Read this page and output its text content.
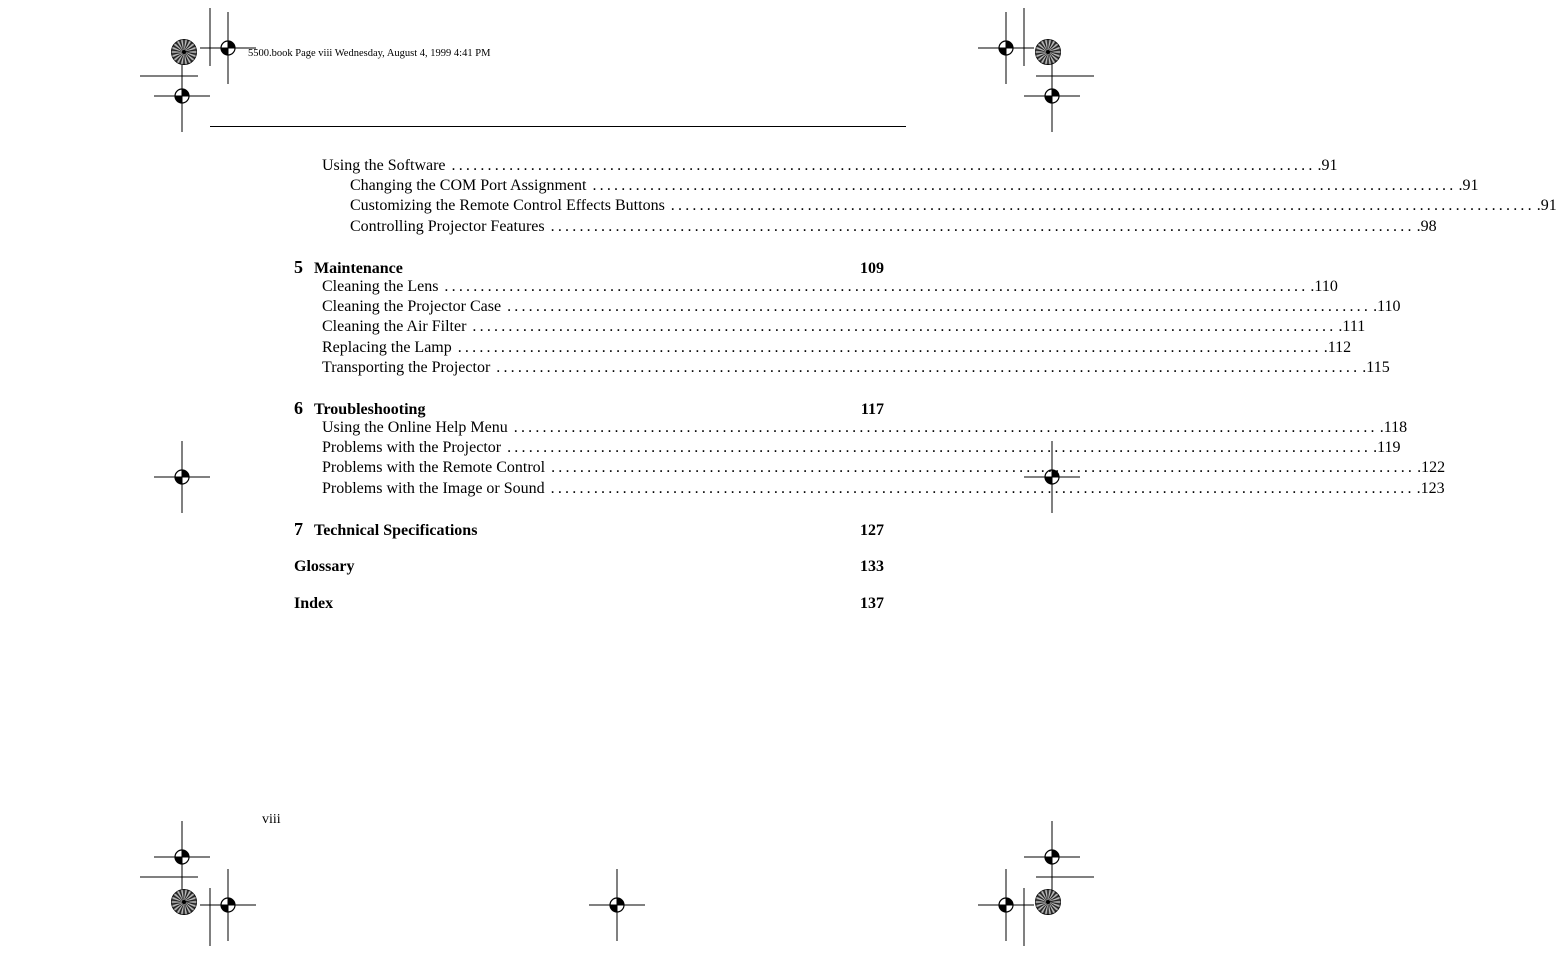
5500.book Page viii Wednesday, August 4, 1999 4:41 PM
Using the Software ........................................................................................................................ .91
Changing the COM Port Assignment ........................................................................................................................ .91
Customizing the Remote Control Effects Buttons ........................................................................................................................ .91
Controlling Projector Features ........................................................................................................................ .98
5 Maintenance	109
Cleaning the Lens ........................................................................................................................ .110
Cleaning the Projector Case ........................................................................................................................ .110
Cleaning the Air Filter ........................................................................................................................ .111
Replacing the Lamp ........................................................................................................................ .112
Transporting the Projector ........................................................................................................................ .115
6 Troubleshooting	117
Using the Online Help Menu ........................................................................................................................ .118
Problems with the Projector ........................................................................................................................ .119
Problems with the Remote Control ........................................................................................................................ .122
Problems with the Image or Sound ........................................................................................................................ .123
7 Technical Specifications	127
Glossary	133
Index	137
viii
